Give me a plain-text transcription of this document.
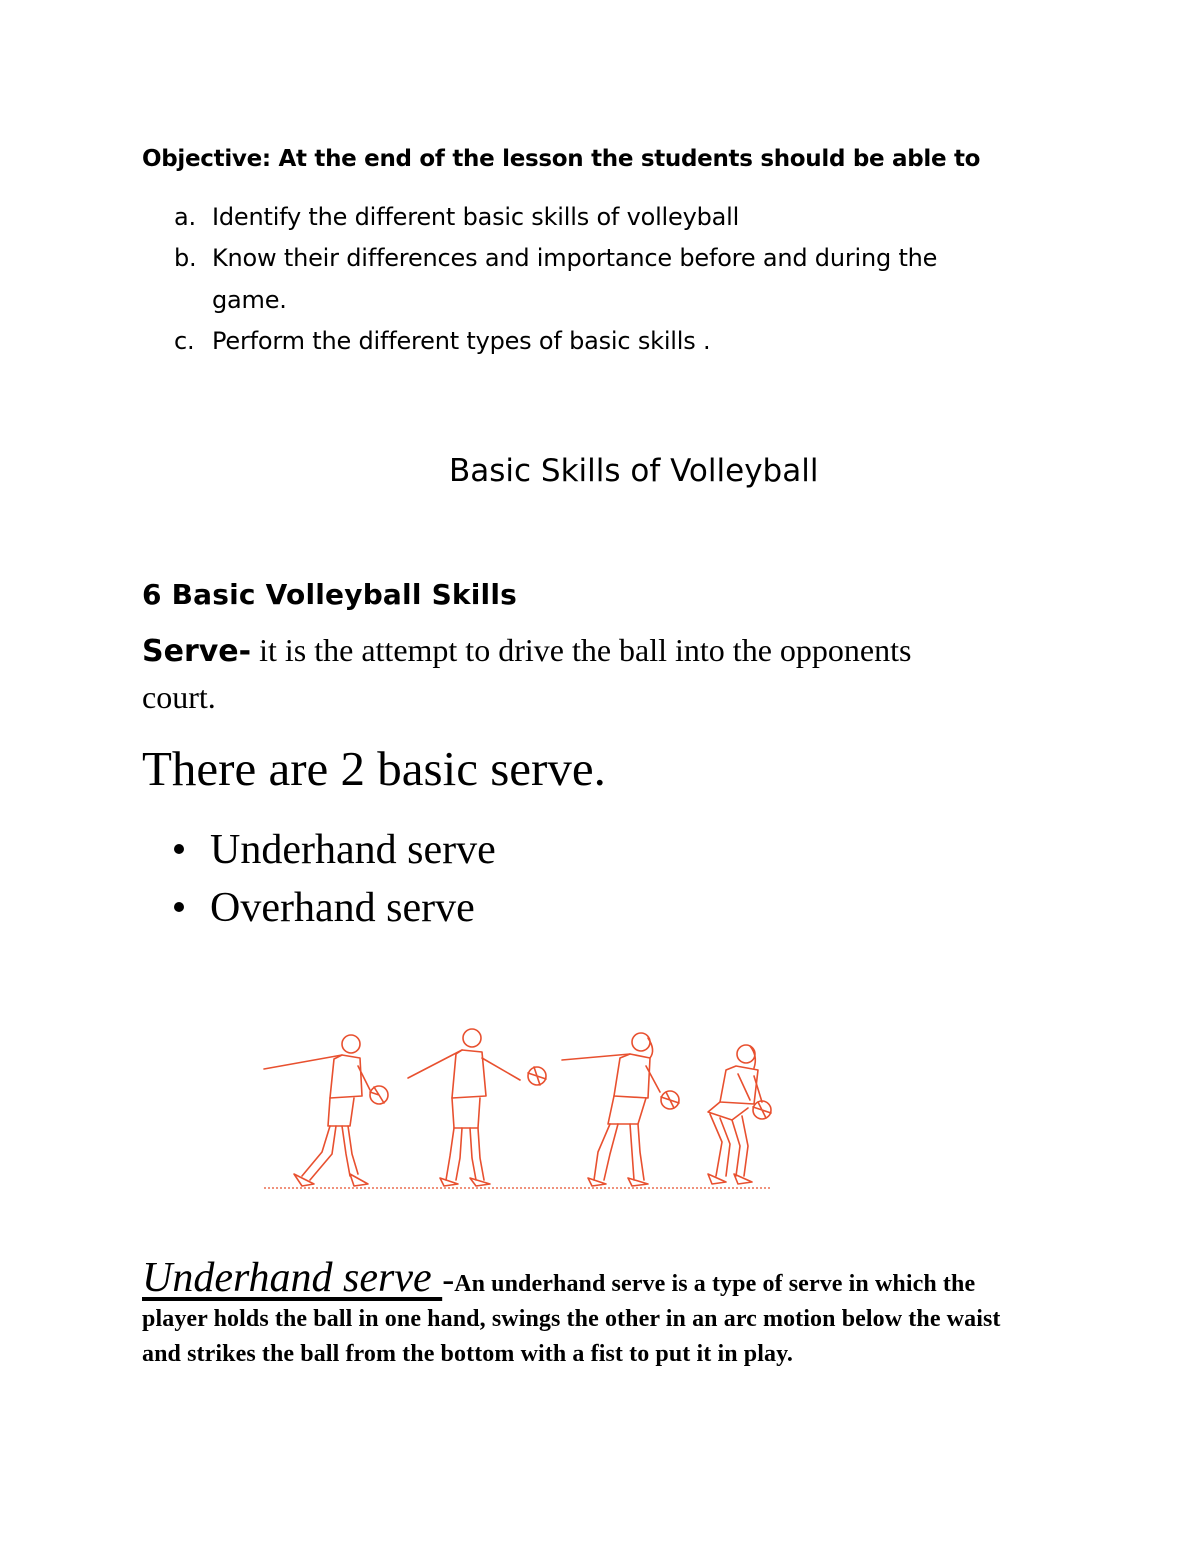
Objective: At the end of the lesson the students should be able to
a. Identify the different basic skills of volleyball
b. Know their differences and importance before and during the
game.
c. Perform the different types of basic skills .
Basic Skills of Volleyball
6 Basic Volleyball Skills
Serve- it is the attempt to drive the ball into the opponents
court.
There are 2 basic serve.
Underhand serve
Overhand serve
Underhand serve -An underhand serve is a type of serve in which the
player holds the ball in one hand, swings the other in an arc motion below the waist
and strikes the ball from the bottom with a fist to put it in play.
